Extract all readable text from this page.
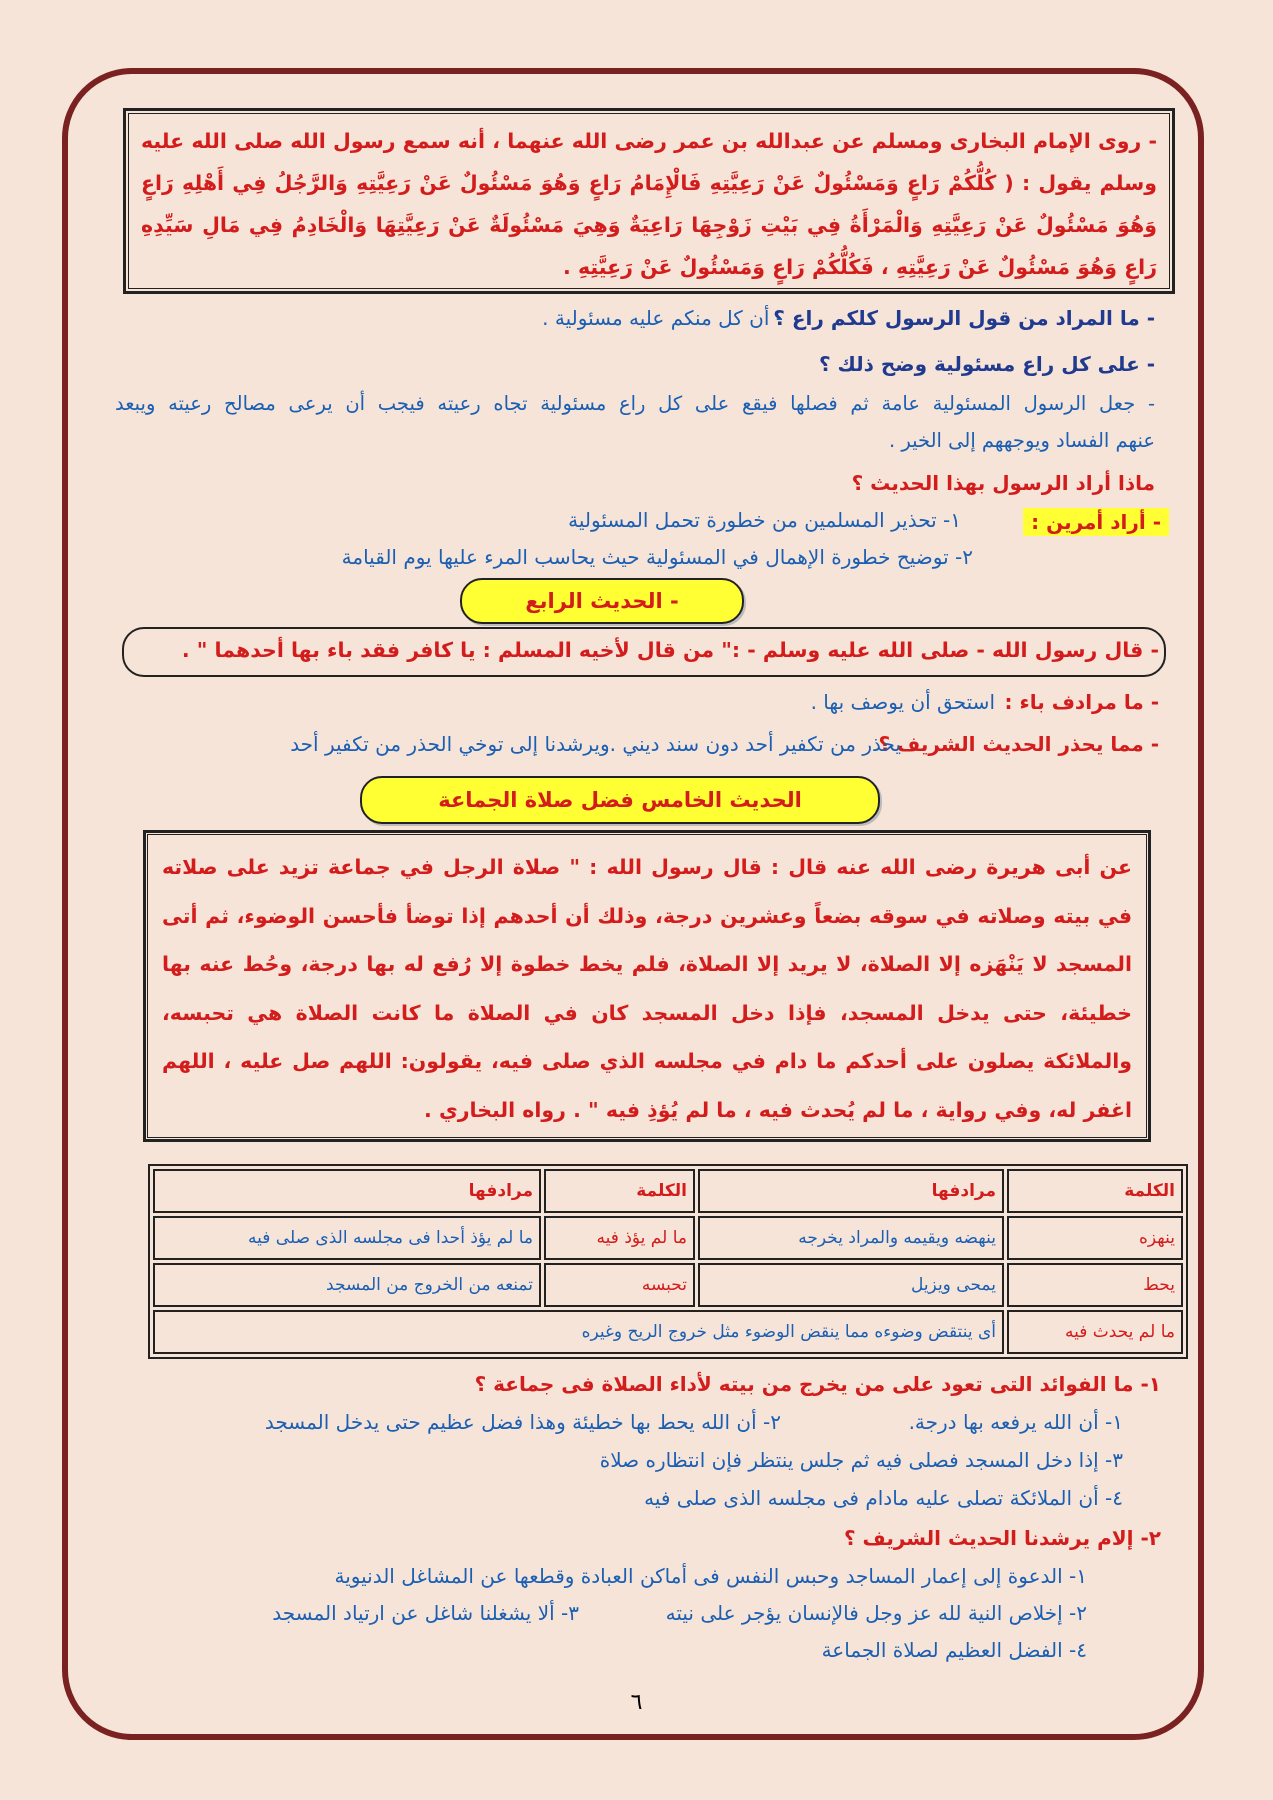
- روى الإمام البخارى ومسلم عن عبدالله بن عمر رضى الله عنهما ، أنه سمع رسول الله صلى الله عليه وسلم يقول : ( كُلُّكُمْ رَاعٍ وَمَسْئُولٌ عَنْ رَعِيَّتِهِ فَالْإِمَامُ رَاعٍ وَهُوَ مَسْئُولٌ عَنْ رَعِيَّتِهِ وَالرَّجُلُ فِي أَهْلِهِ رَاعٍ وَهُوَ مَسْئُولٌ عَنْ رَعِيَّتِهِ وَالْمَرْأَةُ فِي بَيْتِ زَوْجِهَا رَاعِيَةٌ وَهِيَ مَسْئُولَةٌ عَنْ رَعِيَّتِهَا وَالْخَادِمُ فِي مَالِ سَيِّدِهِ رَاعٍ وَهُوَ مَسْئُولٌ عَنْ رَعِيَّتِهِ ، فَكُلُّكُمْ رَاعٍ وَمَسْئُولٌ عَنْ رَعِيَّتِهِ .

- ما المراد من قول الرسول كلكم راع ؟
- أن كل منكم عليه مسئولية .
- على كل راع مسئولية وضح ذلك ؟
- جعل الرسول المسئولية عامة ثم فصلها فيقع على كل راع مسئولية تجاه رعيته فيجب أن يرعى مصالح رعيته ويبعد
عنهم الفساد ويوجههم إلى الخير .
ماذا أراد الرسول بهذا الحديث ؟
- أراد أمرين :
١- تحذير المسلمين من خطورة تحمل المسئولية
٢- توضيح خطورة الإهمال في المسئولية حيث يحاسب المرء عليها يوم القيامة
- الحديث الرابع
- قال رسول الله - صلى الله عليه وسلم - :" من قال لأخيه المسلم : يا كافر فقد باء بها أحدهما " .
- ما مرادف باء :
استحق أن يوصف بها .
- مما يحذر الحديث الشريف ؟
يحذر من تكفير أحد دون سند ديني .ويرشدنا إلى توخي الحذر من تكفير أحد
الحديث الخامس فضل صلاة الجماعة

عن أبى هريرة رضى الله عنه قال : قال رسول الله : " صلاة الرجل في جماعة تزيد على صلاته في بيته وصلاته في سوقه بضعاً وعشرين درجة، وذلك أن أحدهم إذا توضأ فأحسن الوضوء، ثم أتى المسجد لا يَنْهَزه إلا الصلاة، لا يريد إلا الصلاة، فلم يخط خطوة إلا رُفع له بها درجة، وحُط عنه بها خطيئة، حتى يدخل المسجد، فإذا دخل المسجد كان في الصلاة ما كانت الصلاة هي تحبسه، والملائكة يصلون على أحدكم ما دام في مجلسه الذي صلى فيه، يقولون: اللهم صل عليه ، اللهم اغفر له، وفي رواية ، ما لم يُحدث فيه ، ما لم يُؤذِ فيه " . رواه البخاري .

الكلمة	مرادفها	الكلمة	مرادفها
ينهزه	ينهضه ويقيمه والمراد يخرجه	ما لم يؤذ فيه	ما لم يؤذ أحدا فى مجلسه الذى صلى فيه
يحط	يمحى ويزيل	تحبسه	تمنعه من الخروج من المسجد
ما لم يحدث فيه	أى ينتقض وضوءه مما ينقض الوضوء مثل خروج الريح وغيره		
١- ما الفوائد التى تعود على من يخرج من بيته لأداء الصلاة فى جماعة ؟
١- أن الله يرفعه بها درجة.
٢- أن الله يحط بها خطيئة وهذا فضل عظيم حتى يدخل المسجد
٣- إذا دخل المسجد فصلى فيه ثم جلس ينتظر فإن انتظاره صلاة
٤- أن الملائكة تصلى عليه مادام فى مجلسه الذى صلى فيه
٢- إلام يرشدنا الحديث الشريف ؟
١- الدعوة إلى إعمار المساجد وحبس النفس فى أماكن العبادة وقطعها عن المشاغل الدنيوية
٢- إخلاص النية لله عز وجل فالإنسان يؤجر على نيته
٣- ألا يشغلنا شاغل عن ارتياد المسجد
٤- الفضل العظيم لصلاة الجماعة
٦
